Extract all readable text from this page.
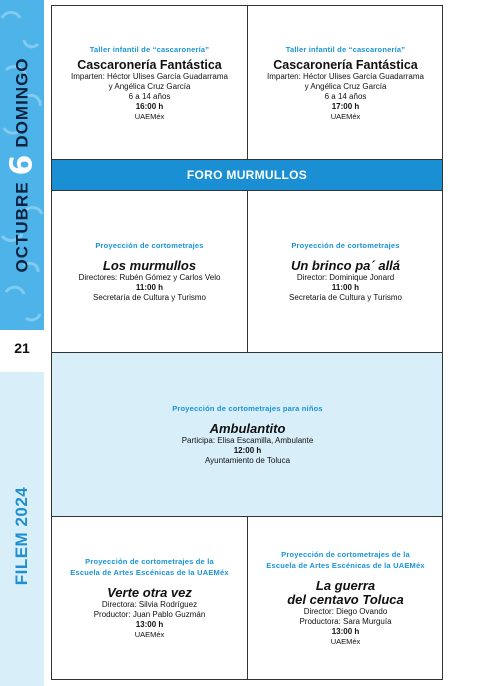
OCTUBRE
6
DOMINGO
21
FILEM 2024
Taller infantil de “cascaronería”
Cascaronería Fantástica
Imparten: Héctor Ulises García Guadarrama
y Angélica Cruz García
6 a 14 años
16:00 h
UAEMéx
Taller infantil de “cascaronería”
Cascaronería Fantástica
Imparten: Héctor Ulises García Guadarrama
y Angélica Cruz García
6 a 14 años
17:00 h
UAEMéx
FORO MURMULLOS
Proyección de cortometrajes
Los murmullos
Directores: Rubén Gómez y Carlos Velo
11:00 h
Secretaría de Cultura y Turismo
Proyección de cortometrajes
Un brinco pa´ allá
Director: Dominique Jonard
11:00 h
Secretaría de Cultura y Turismo
Proyección de cortometrajes para niños
Ambulantito
Participa: Elisa Escamilla, Ambulante
12:00 h
Ayuntamiento de Toluca
Proyección de cortometrajes de la
Escuela de Artes Escénicas de la UAEMéx
Verte otra vez
Directora: Silvia Rodríguez
Productor: Juan Pablo Guzmán
13:00 h
UAEMéx
Proyección de cortometrajes de la
Escuela de Artes Escénicas de la UAEMéx
La guerra
del centavo Toluca
Director: Diego Ovando
Productora: Sara Murguía
13:00 h
UAEMéx
